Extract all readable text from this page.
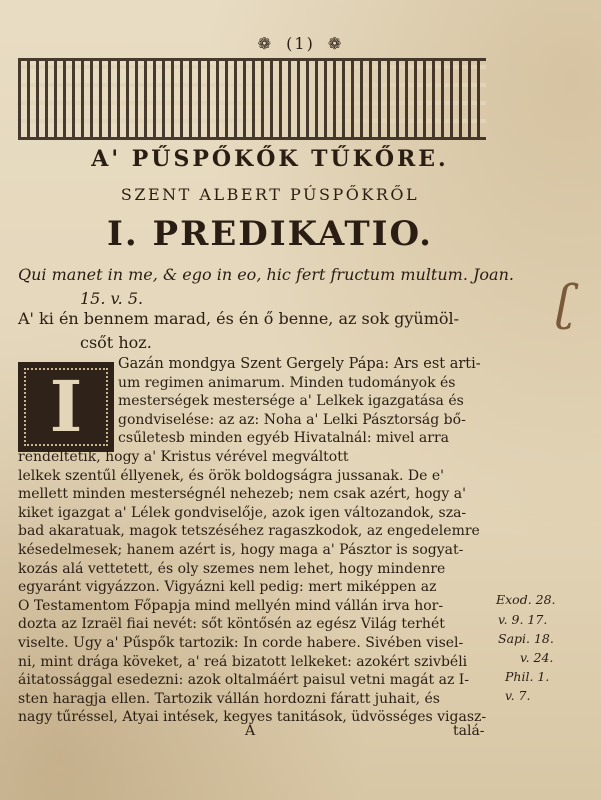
❁ (1) ❁
A' PŰSPŐKŐK TŰKŐRE.
SZENT ALBERT PÚSPŐKRŐL
I. PREDIKATIO.
Qui manet in me, & ego in eo, hic fert fructum multum. Joan.
15. v. 5.
A' ki én bennem marad, és én ő benne, az sok gyümöl-
csőt hoz.
ʗ
I
Gazán mondgya Szent Gergely Pápa: Ars est arti-
um regimen animarum. Minden tudományok és
mesterségek mestersége a' Lelkek igazgatása és
gondviselése: az az: Noha a' Lelki Pásztorság bő-
csűletesb minden egyéb Hivatalnál: mivel arra
rendeltetik, hogy a' Kristus vérével megváltott
lelkek szentűl éllyenek, és örök boldogságra jussanak. De e'
mellett minden mesterségnél nehezeb; nem csak azért, hogy a'
kiket igazgat a' Lélek gondviselője, azok igen változandok, sza-
bad akaratuak, magok tetszéséhez ragaszkodok, az engedelemre
késedelmesek; hanem azért is, hogy maga a' Pásztor is sogyat-
kozás alá vettetett, és oly szemes nem lehet, hogy mindenre
egyaránt vigyázzon. Vigyázni kell pedig: mert miképpen az
O Testamentom Főpapja mind mellyén mind vállán irva hor-
dozta az Izraël fiai nevét: sőt köntősén az egész Világ terhét
viselte. Ugy a' Pűspők tartozik: In corde habere. Sivében visel-
ni, mint drága köveket, a' reá bizatott lelkeket: azokért szivbéli
áitatossággal esedezni: azok oltalmáért paisul vetni magát az I-
sten haragja ellen. Tartozik vállán hordozni fáratt juhait, és
nagy tűréssel, Atyai intések, kegyes tanitások, üdvösséges vigasz-
Exod. 28.
v. 9. 17.
Sapi. 18.
v. 24.
Phil. 1.
v. 7.
A	talá-
